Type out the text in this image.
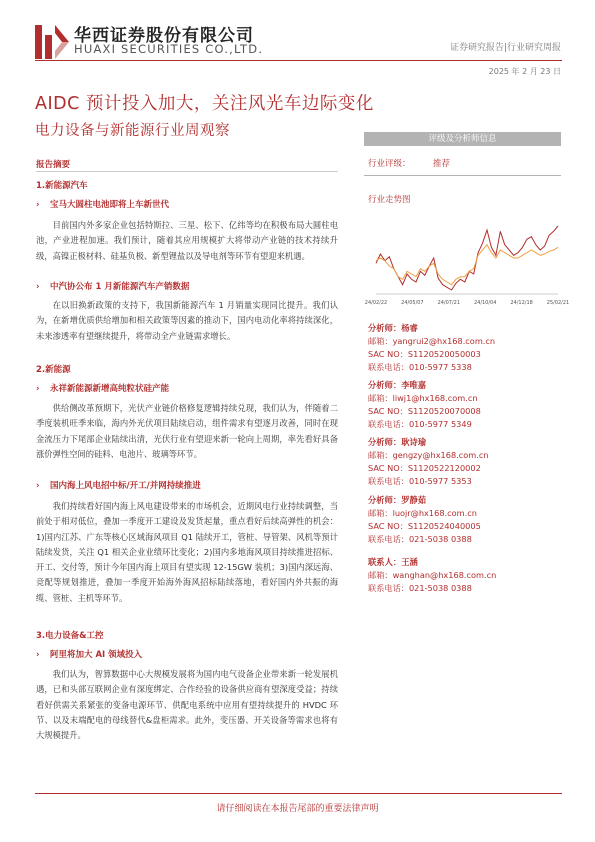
华西证券股份有限公司
HUAXI SECURITIES CO.,LTD.	证券研究报告|行业研究周报
2025 年 2 月 23 日
AIDC 预计投入加大，关注风光车边际变化
电力设备与新能源行业周观察
报告摘要
1.新能源汽车
› 宝马大圆柱电池即将上车新世代
目前国内外多家企业包括特斯拉、三星、松下、亿纬等均在积极布局大圆柱电池，产业进程加速。我们预计，随着其应用规模扩大将带动产业链的技术持续升级，高镍正极材料、硅基负极、新型锂盐以及导电剂等环节有望迎来机遇。
› 中汽协公布 1 月新能源汽车产销数据
在以旧换新政策的支持下，我国新能源汽车 1 月销量实现同比提升。我们认为，在新增优质供给增加和相关政策等因素的推动下，国内电动化率将持续深化，未来渗透率有望继续提升，将带动全产业链需求增长。
2.新能源
› 永祥新能源新增高纯粒状硅产能
供给侧改革预期下，光伏产业链价格修复逻辑持续兑现，我们认为，伴随着二季度装机旺季来临，海内外光伏项目陆续启动，组件需求有望逐月改善，同时在现金流压力下尾部企业陆续出清，光伏行业有望迎来新一轮向上周期，率先看好具备涨价弹性空间的硅料、电池片、玻璃等环节。
› 国内海上风电招中标/开工/并网持续推进
我们持续看好国内海上风电建设带来的市场机会，近期风电行业持续调整，当前处于相对低位，叠加一季度开工建设及发货起量，重点看好后续高弹性的机会：1)国内江苏、广东等核心区域海风项目 Q1 陆续开工，管桩、导管架、风机等预计陆续发货，关注 Q1 相关企业业绩环比变化；2)国内多地海风项目持续推进招标、开工、交付等，预计今年国内海上项目有望实现 12-15GW 装机；3)国内深远海、竞配等规划推进，叠加一季度开始海外海风招标陆续落地，看好国内外共振的海缆、管桩、主机等环节。
3.电力设备&工控
› 阿里将加大 AI 领域投入
我们认为，智算数据中心大规模发展将为国内电气设备企业带来新一轮发展机遇，已和头部互联网企业有深度绑定、合作经验的设备供应商有望深度受益；持续看好供需关系紧张的变备电源环节、供配电系统中应用有望持续提升的 HVDC 环节、以及末端配电的母线替代&盘柜需求。此外，变压器、开关设备等需求也将有大规模提升。
评级及分析师信息
行业评级：	推荐
行业走势图
24/02/22	24/05/07	24/07/21	24/10/04	24/12/18	25/02/21
分析师：杨睿
邮箱：yangrui2@hx168.com.cn
SAC NO：S1120520050003
联系电话：010-5977 5338
分析师：李唯嘉
邮箱：liwj1@hx168.com.cn
SAC NO：S1120520070008
联系电话：010-5977 5349
分析师：耿诗瑜
邮箱：gengzy@hx168.com.cn
SAC NO：S1120522120002
联系电话：010-5977 5353
分析师：罗静茹
邮箱：luojr@hx168.com.cn
SAC NO：S1120524040005
联系电话：021-5038 0388
联系人：王涵
邮箱：wanghan@hx168.com.cn
联系电话：021-5038 0388
请仔细阅读在本报告尾部的重要法律声明
